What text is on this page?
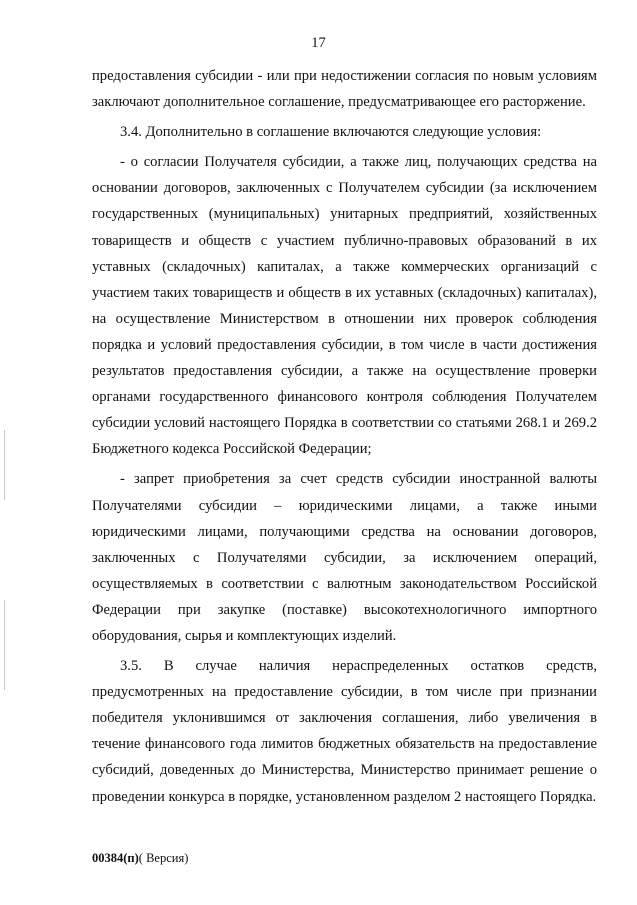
17

предоставления субсидии - или при недостижении согласия по новым условиям заключают дополнительное соглашение, предусматривающее его расторжение.

3.4. Дополнительно в соглашение включаются следующие условия:

- о согласии Получателя субсидии, а также лиц, получающих средства на основании договоров, заключенных с Получателем субсидии (за исключением государственных (муниципальных) унитарных предприятий, хозяйственных товариществ и обществ с участием публично-правовых образований в их уставных (складочных) капиталах, а также коммерческих организаций с участием таких товариществ и обществ в их уставных (складочных) капиталах), на осуществление Министерством в отношении них проверок соблюдения порядка и условий предоставления субсидии, в том числе в части достижения результатов предоставления субсидии, а также на осуществление проверки органами государственного финансового контроля соблюдения Получателем субсидии условий настоящего Порядка в соответствии со статьями 268.1 и 269.2 Бюджетного кодекса Российской Федерации;

- запрет приобретения за счет средств субсидии иностранной валюты Получателями субсидии – юридическими лицами, а также иными юридическими лицами, получающими средства на основании договоров, заключенных с Получателями субсидии, за исключением операций, осуществляемых в соответствии с валютным законодательством Российской Федерации при закупке (поставке) высокотехнологичного импортного оборудования, сырья и комплектующих изделий.

3.5. В случае наличия нераспределенных остатков средств, предусмотренных на предоставление субсидии, в том числе при признании победителя уклонившимся от заключения соглашения, либо увеличения в течение финансового года лимитов бюджетных обязательств на предоставление субсидий, доведенных до Министерства, Министерство принимает решение о проведении конкурса в порядке, установленном разделом 2 настоящего Порядка.

00384(п)( Версия)
